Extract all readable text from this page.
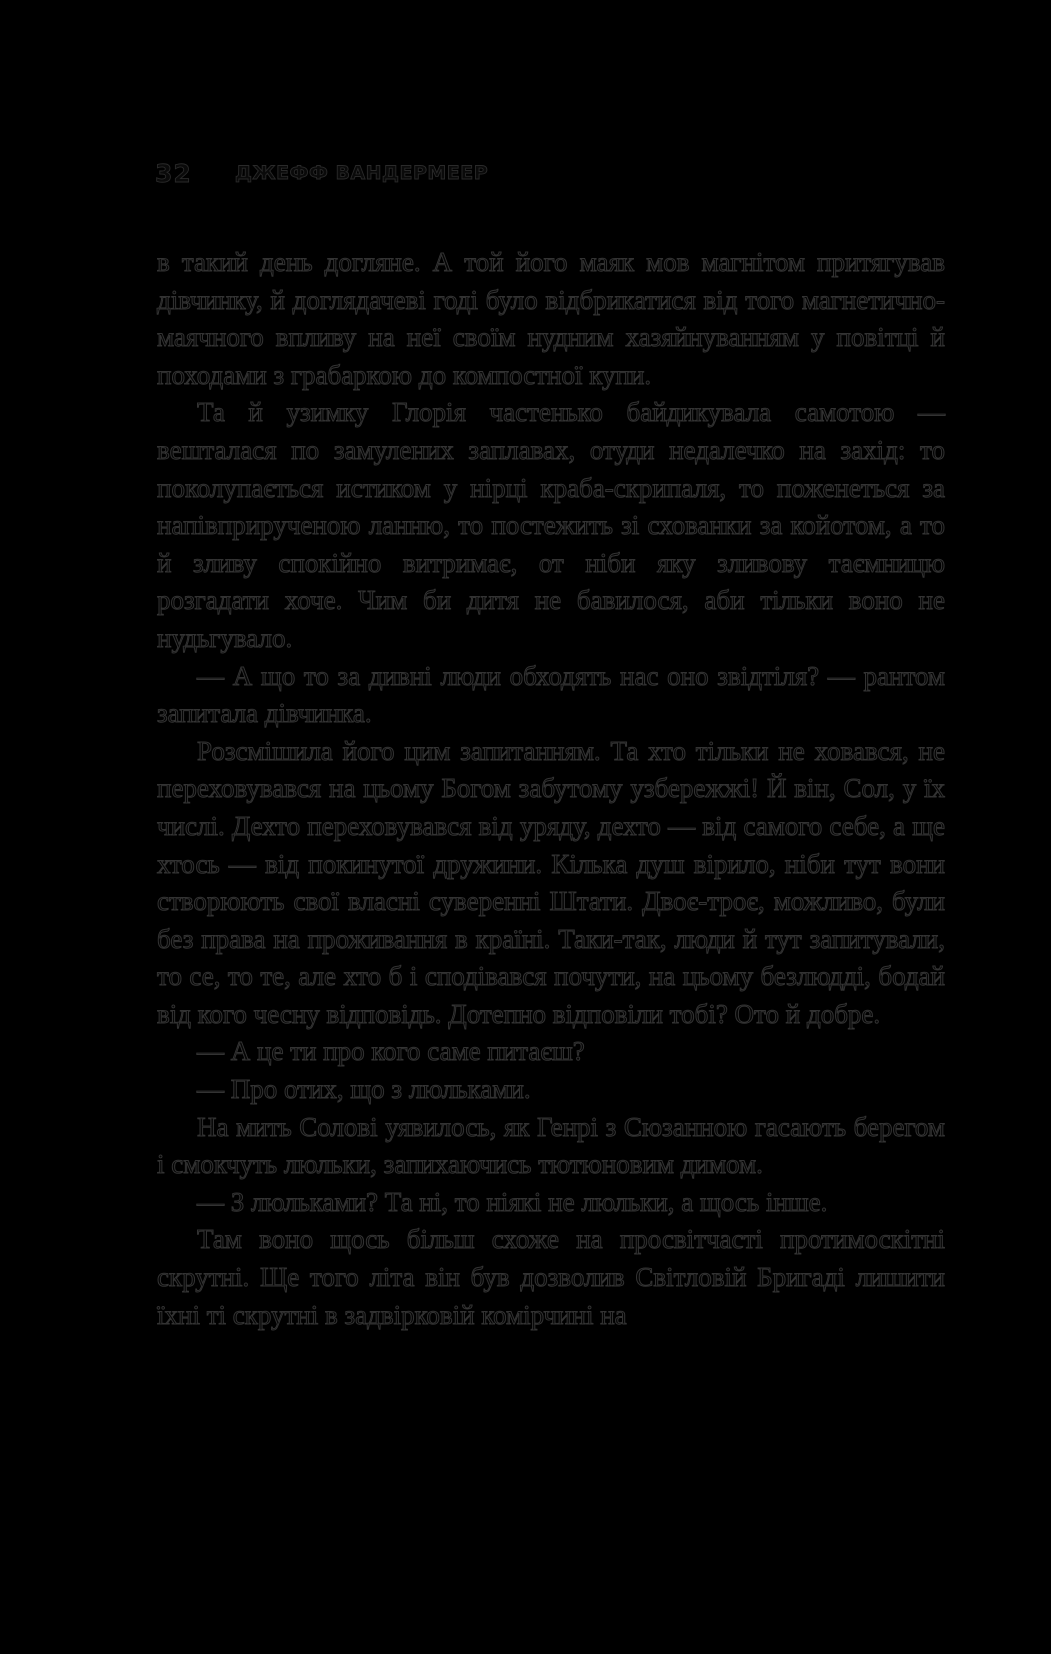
32	ДЖЕФФ ВАНДЕРМЕЕР

в такий день догляне. А той його маяк мов магнітом притягував дівчинку, й доглядачеві годі було відбрикатися від того магнетично-маячного впливу на неї своїм нудним хазяйнуванням у повітці й походами з грабаркою до компостної купи.

Та й узимку Глорія частенько байдикувала самотою — вешталася по замулених заплавах, отуди недалечко на захід: то поколупається истиком у нірці краба-скрипаля, то поженеться за напівприрученою ланню, то постежить зі схованки за койотом, а то й зливу спокійно витримає, от ніби яку зливову таємницю розгадати хоче. Чим би дитя не бавилося, аби тільки воно не нудьгувало.

— А що то за дивні люди обходять нас оно звідтіля? — рантом запитала дівчинка.

Розсмішила його цим запитанням. Та хто тільки не ховався, не переховувався на цьому Богом забутому узбережжі! Й він, Сол, у їх числі. Дехто переховувався від уряду, дехто — від самого себе, а ще хтось — від покинутої дружини. Кілька душ вірило, ніби тут вони створюють свої власні суверенні Штати. Двоє-троє, можливо, були без права на проживання в країні. Таки-так, люди й тут запитували, то се, то те, але хто б і сподівався почути, на цьому безлюдді, бодай від кого чесну відповідь. Дотепно відповіли тобі? Ото й добре.

— А це ти про кого саме питаєш?

— Про отих, що з люльками.

На мить Солові уявилось, як Генрі з Сюзанною гасають берегом і смокчуть люльки, запихаючись тютюновим димом.

— З люльками? Та ні, то ніякі не люльки, а щось інше.

Там воно щось більш схоже на просвітчасті протимоскітні скрутні. Ще того літа він був дозволив Світловій Бригаді лишити їхні ті скрутні в задвірковій комірчині на
